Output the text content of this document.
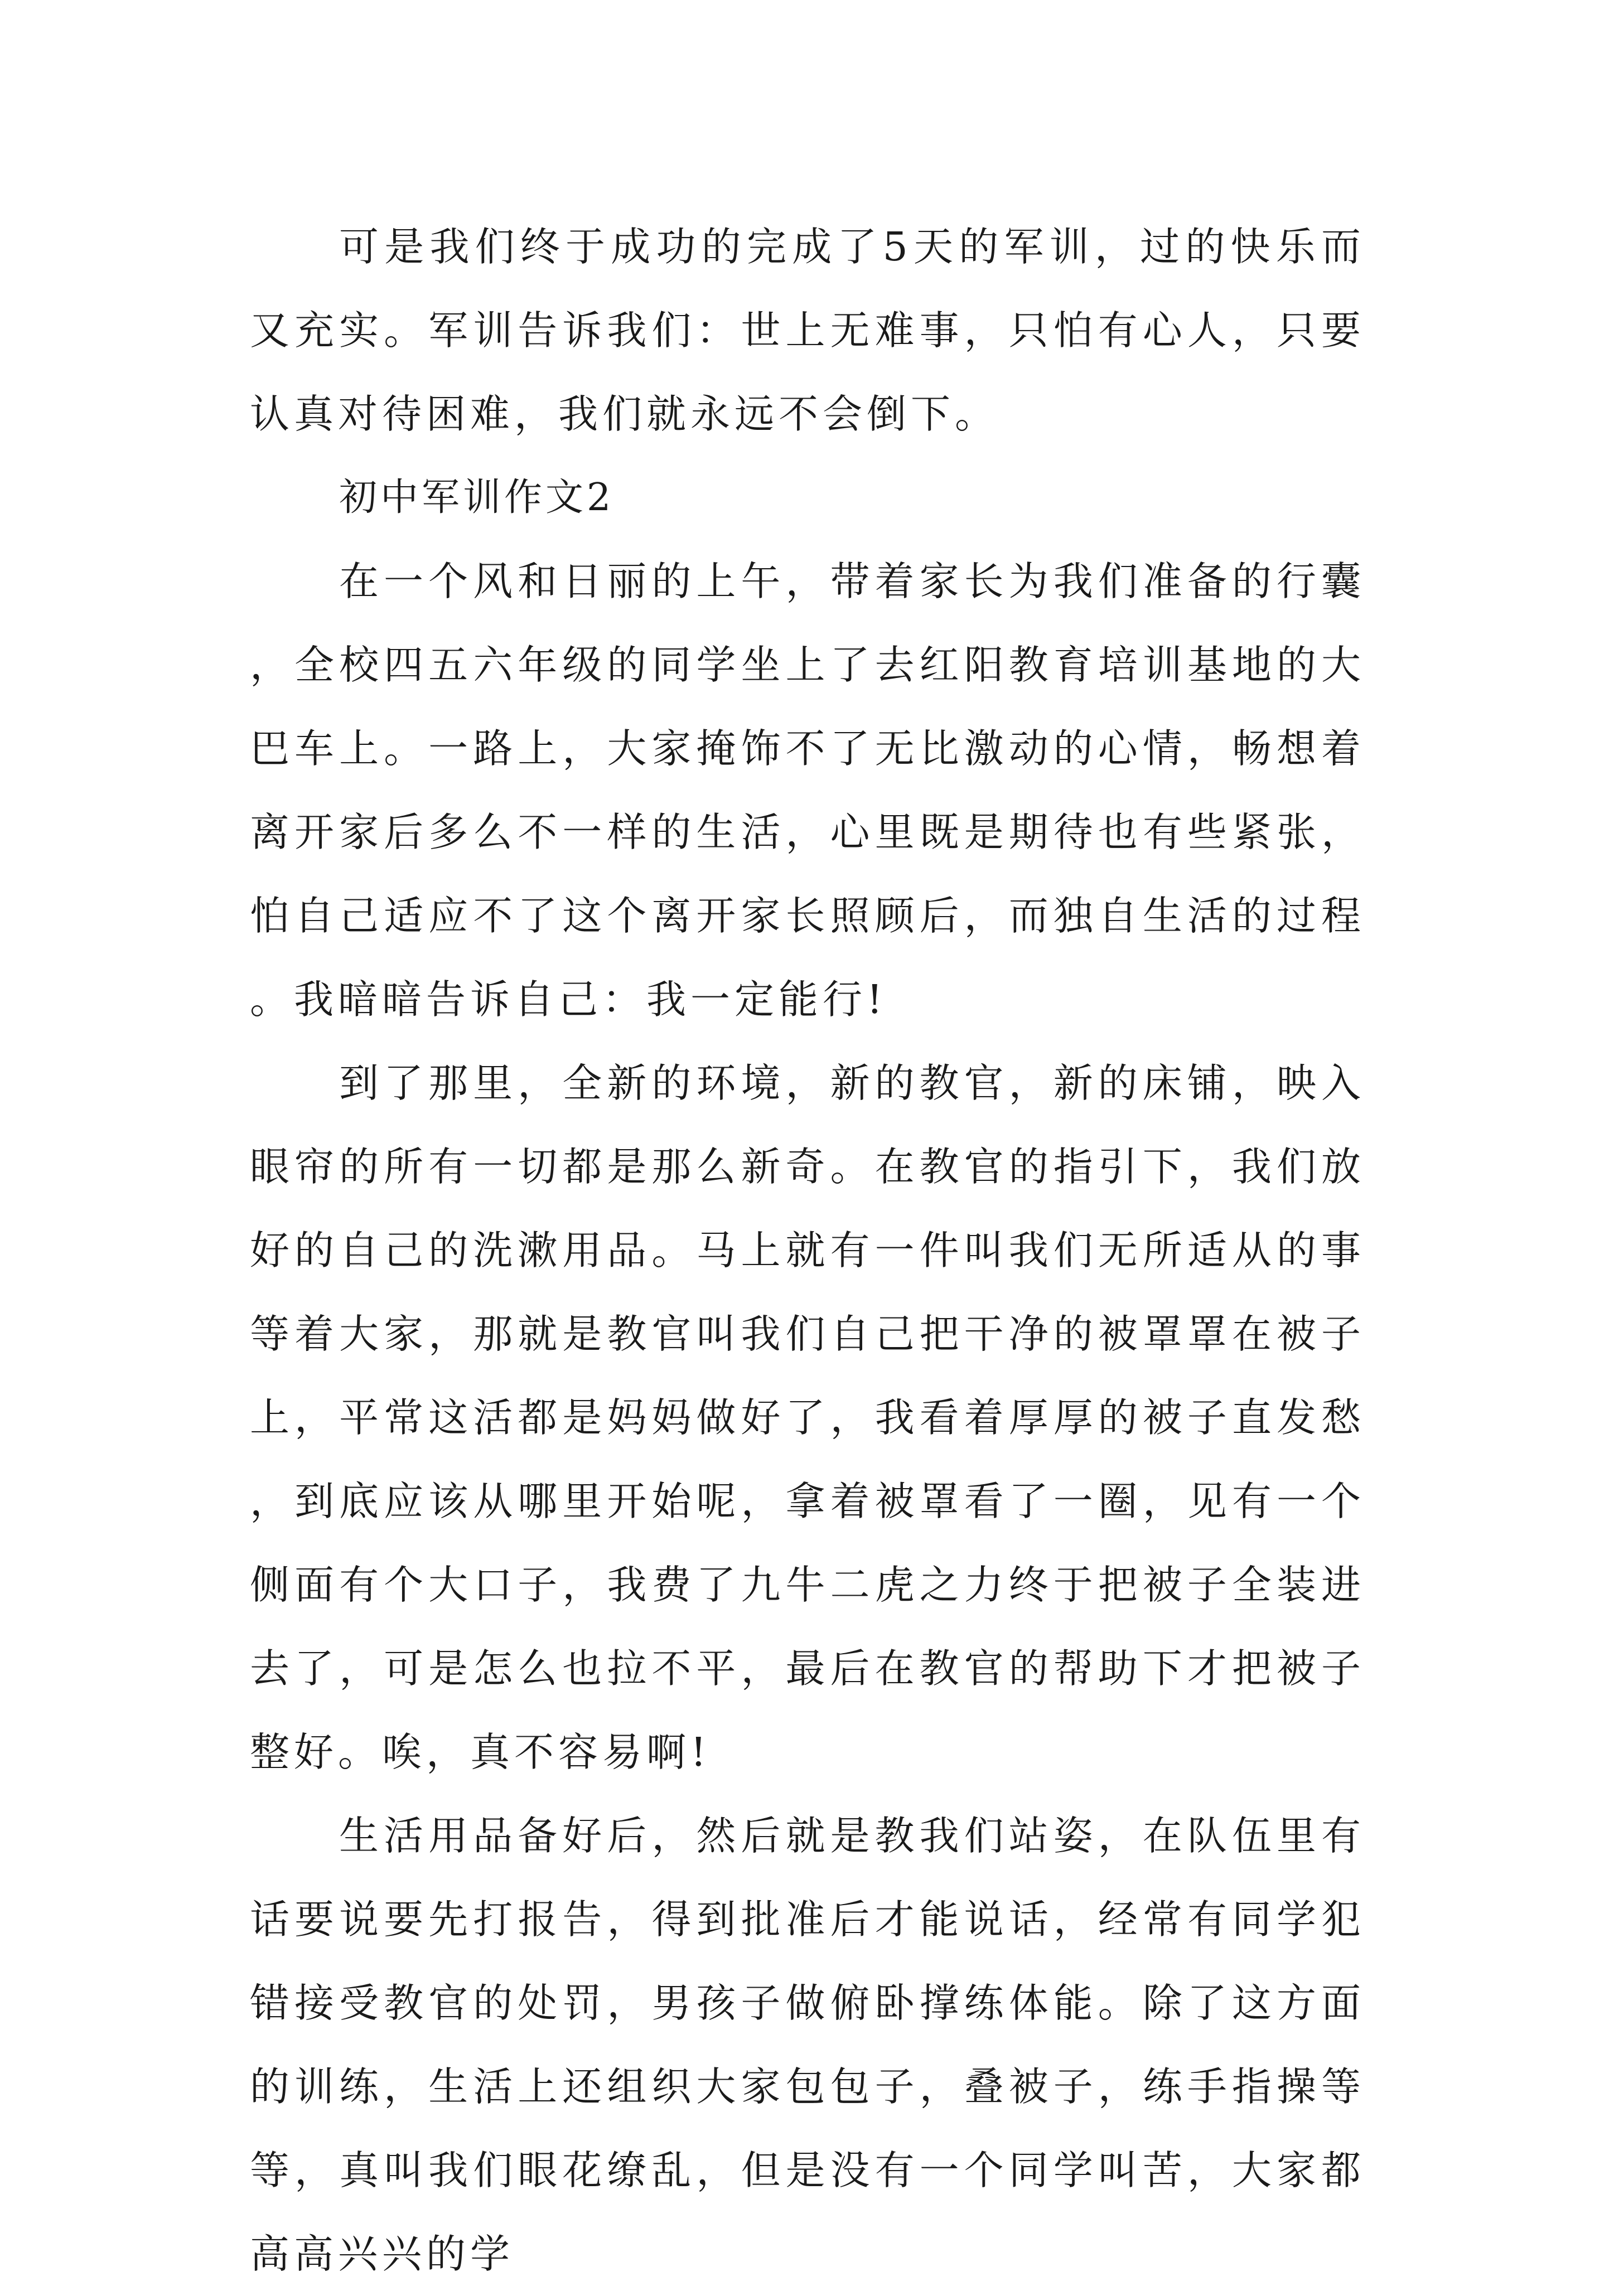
可是我们终于成功的完成了5天的军训，过的快乐而又充实。军训告诉我们：世上无难事，只怕有心人，只要认真对待困难，我们就永远不会倒下。

初中军训作文2

在一个风和日丽的上午，带着家长为我们准备的行囊，全校四五六年级的同学坐上了去红阳教育培训基地的大巴车上。一路上，大家掩饰不了无比激动的心情，畅想着离开家后多么不一样的生活，心里既是期待也有些紧张，怕自己适应不了这个离开家长照顾后，而独自生活的过程。我暗暗告诉自己：我一定能行!

到了那里，全新的环境，新的教官，新的床铺，映入眼帘的所有一切都是那么新奇。在教官的指引下，我们放好的自己的洗漱用品。马上就有一件叫我们无所适从的事等着大家，那就是教官叫我们自己把干净的被罩罩在被子上，平常这活都是妈妈做好了，我看着厚厚的被子直发愁，到底应该从哪里开始呢，拿着被罩看了一圈，见有一个侧面有个大口子，我费了九牛二虎之力终于把被子全装进去了，可是怎么也拉不平，最后在教官的帮助下才把被子整好。唉，真不容易啊!

生活用品备好后，然后就是教我们站姿，在队伍里有话要说要先打报告，得到批准后才能说话，经常有同学犯错接受教官的处罚，男孩子做俯卧撑练体能。除了这方面的训练，生活上还组织大家包包子，叠被子，练手指操等等，真叫我们眼花缭乱，但是没有一个同学叫苦，大家都高高兴兴的学
